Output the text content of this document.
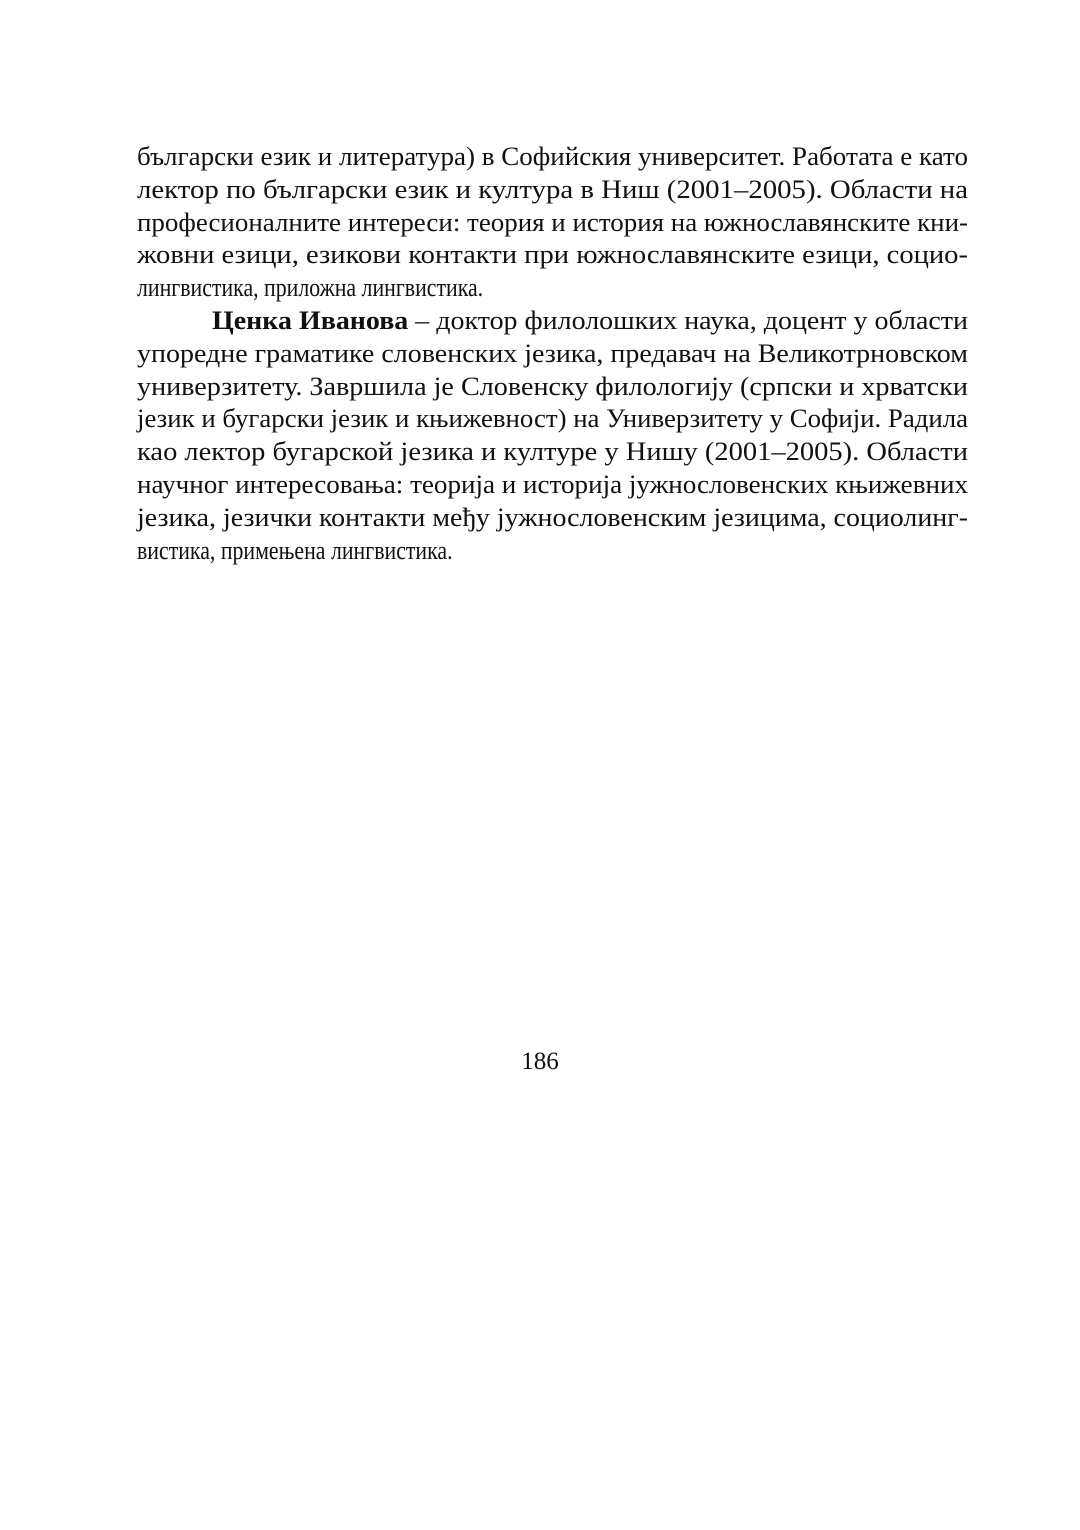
български език и литература) в Софийския университет. Работата е като
лектор по български език и култура в Ниш (2001–2005). Области на
професионалните интереси: теория и история на южнославянските кни-
жовни езици, езикови контакти при южнославянските езици, социо-
лингвистика, приложна лингвистика.
Ценка Иванова – доктор филолошких наука, доцент у области
упоредне граматике словенских језика, предавач на Великотрновском
универзитету. Завршила је Словенску филологију (српски и хрватски
језик и бугарски језик и књижевност) на Универзитету у Софији. Радила
као лектор бугарской језика и културе у Нишу (2001–2005). Области
научног интересовања: теорија и историја јужнословенских књижевних
језика, језички контакти међу јужнословенским језицима, социолинг-
вистика, примењена лингвистика.
186
